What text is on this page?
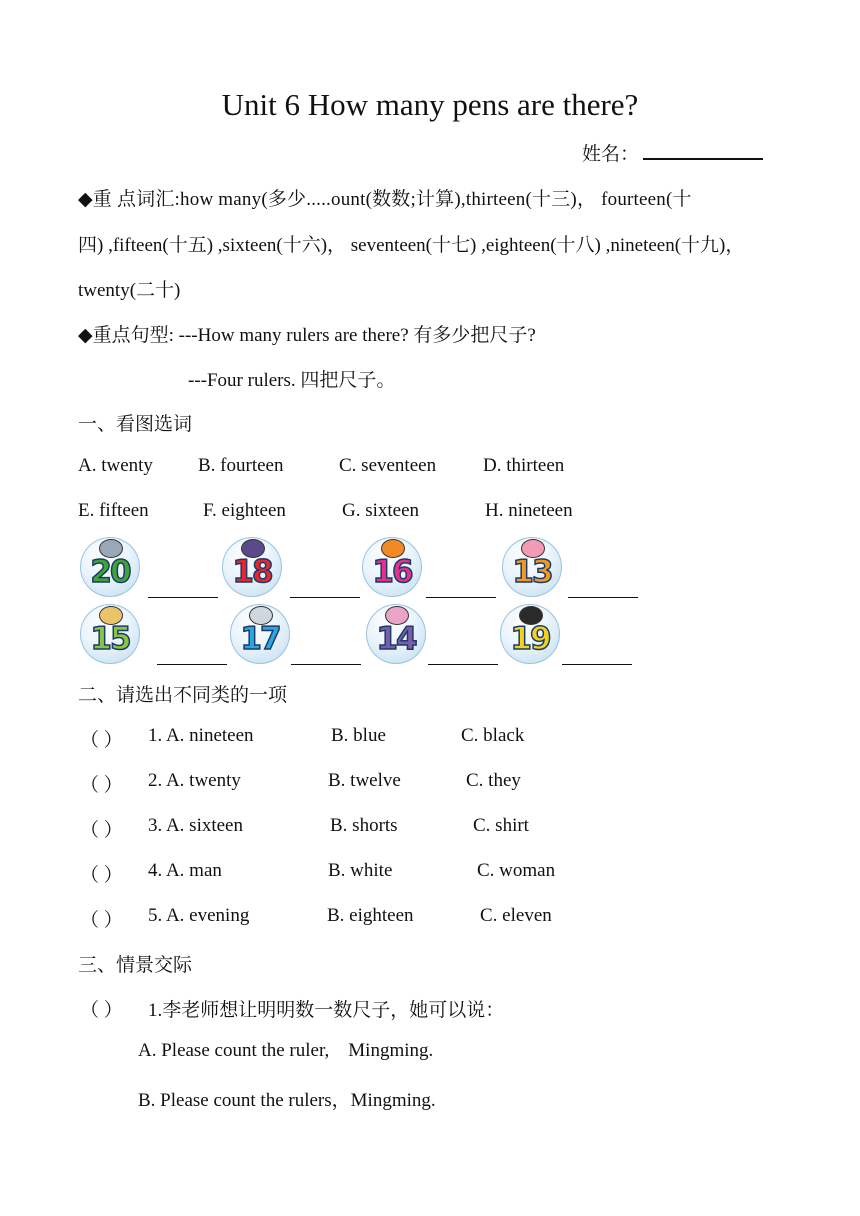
Unit 6 How many pens are there?
姓名：
◆重 点词汇:how many(多少.....ount(数数;计算),thirteen(十三)， fourteen(十
四) ,fifteen(十五) ,sixteen(十六)， seventeen(十七) ,eighteen(十八) ,nineteen(十九)，
twenty(二十)
◆重点句型: ---How many rulers are there? 有多少把尺子?
---Four rulers. 四把尺子。
一、看图选词
A. twenty B. fourteen	C. seventeen D. thirteen
E. fifteen	F. eighteen	G. sixteen	H. nineteen
20	18	16	13
15	17	14	19
二、请选出不同类的一项
（ ） 1. A. nineteen	B. blue	C. black
（ ） 2. A. twenty	B. twelve	C. they
（ ） 3. A. sixteen	B. shorts	C. shirt
（ ） 4. A. man	B. white	C. woman
（ ） 5. A. evening	B. eighteen	C. eleven
三、情景交际
（ ） 1.李老师想让明明数一数尺子，她可以说：
A. Please count the ruler,    Mingming.
B. Please count the rulers，Mingming.
